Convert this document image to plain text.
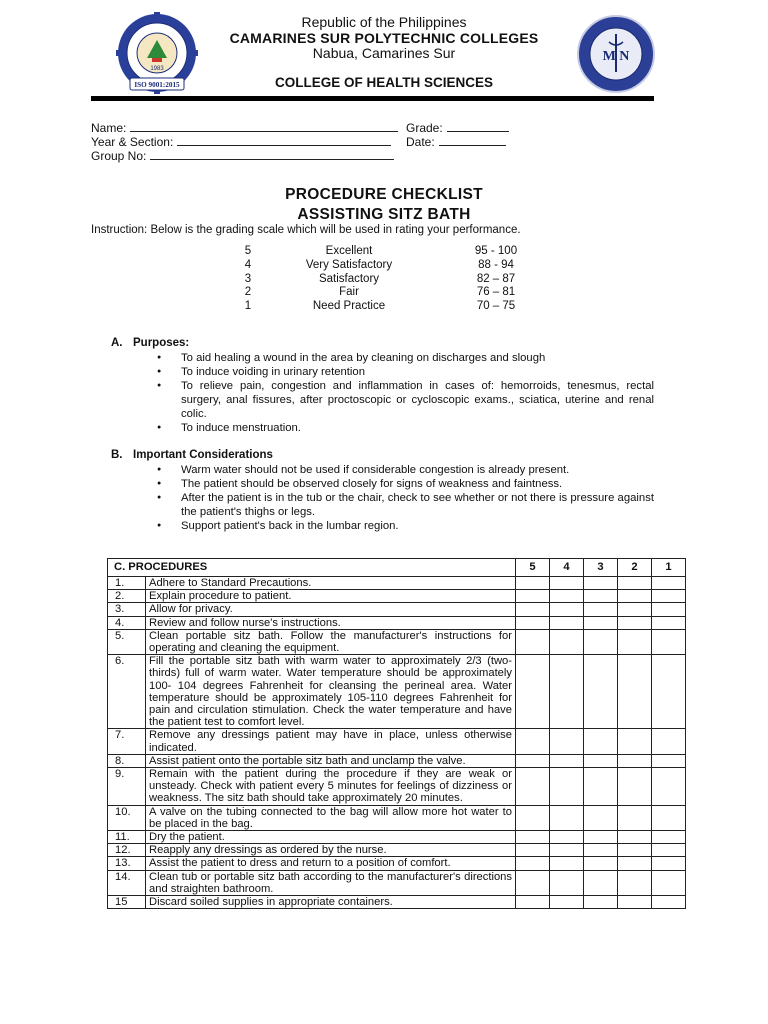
1983
ISO 9001:2015
M N
Republic of the Philippines
CAMARINES SUR POLYTECHNIC COLLEGES
Nabua, Camarines Sur
COLLEGE OF HEALTH SCIENCES
Name:	Grade:
Year & Section:	Date:
Group No:
PROCEDURE CHECKLIST
ASSISTING SITZ BATH
Instruction: Below is the grading scale which will be used in rating your performance.
5	Excellent	95 - 100
4	Very Satisfactory	88 - 94
3	Satisfactory	82 – 87
2	Fair	76 – 81
1	Need Practice	70 – 75
A. Purposes:
● To aid healing a wound in the area by cleaning on discharges and slough
● To induce voiding in urinary retention
● To relieve pain, congestion and inflammation in cases of: hemorroids, tenesmus, rectal surgery, anal fissures, after proctoscopic or cycloscopic exams., sciatica, uterine and renal colic.
● To induce menstruation.
B. Important Considerations
● Warm water should not be used if considerable congestion is already present.
● The patient should be observed closely for signs of weakness and faintness.
● After the patient is in the tub or the chair, check to see whether or not there is pressure against the patient's thighs or legs.
● Support patient's back in the lumbar region.
C. PROCEDURES		5	4	3	2	1
1.	Adhere to Standard Precautions.					
2.	Explain procedure to patient.					
3.	Allow for privacy.					
4.	Review and follow nurse's instructions.					
5.	Clean portable sitz bath. Follow the manufacturer's instructions for operating and cleaning the equipment.					
6.	Fill the portable sitz bath with warm water to approximately 2/3 (two-thirds) full of warm water. Water temperature should be approximately 100- 104 degrees Fahrenheit for cleansing the perineal area. Water temperature should be approximately 105-110 degrees Fahrenheit for pain and circulation stimulation. Check the water temperature and have the patient test to comfort level.					
7.	Remove any dressings patient may have in place, unless otherwise indicated.					
8.	Assist patient onto the portable sitz bath and unclamp the valve.					
9.	Remain with the patient during the procedure if they are weak or unsteady. Check with patient every 5 minutes for feelings of dizziness or weakness. The sitz bath should take approximately 20 minutes.					
10.	A valve on the tubing connected to the bag will allow more hot water to be placed in the bag.					
11.	Dry the patient.					
12.	Reapply any dressings as ordered by the nurse.					
13.	Assist the patient to dress and return to a position of comfort.					
14.	Clean tub or portable sitz bath according to the manufacturer's directions and straighten bathroom.					
15	Discard soiled supplies in appropriate containers.					
